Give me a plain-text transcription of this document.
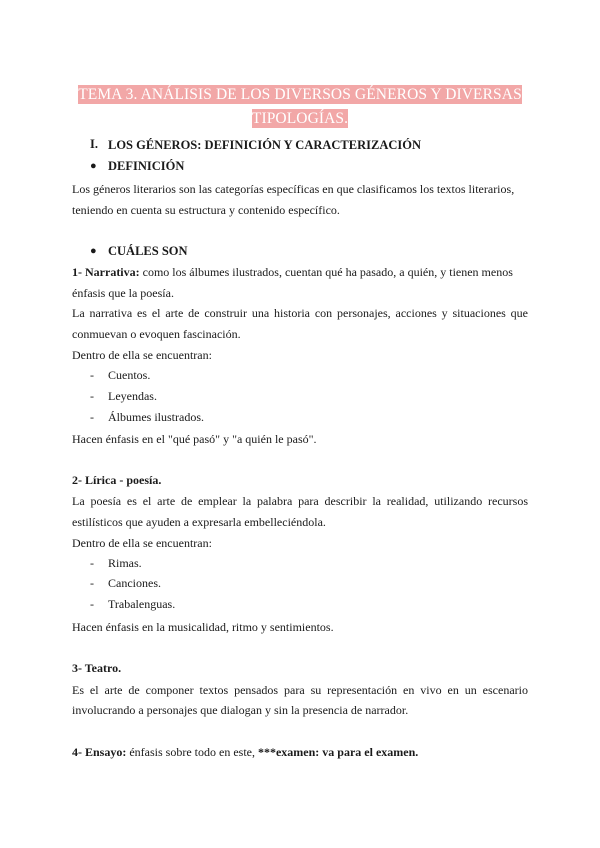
TEMA 3. ANÁLISIS DE LOS DIVERSOS GÉNEROS Y DIVERSAS
TIPOLOGÍAS.
I. LOS GÉNEROS: DEFINICIÓN Y CARACTERIZACIÓN
● DEFINICIÓN
Los géneros literarios son las categorías específicas en que clasificamos los textos literarios,
teniendo en cuenta su estructura y contenido específico.
● CUÁLES SON
1- Narrativa: como los álbumes ilustrados, cuentan qué ha pasado, a quién, y tienen menos
énfasis que la poesía.
La narrativa es el arte de construir una historia con personajes, acciones y situaciones que
conmuevan o evoquen fascinación.
Dentro de ella se encuentran:
- Cuentos.
- Leyendas.
- Álbumes ilustrados.
Hacen énfasis en el "qué pasó" y "a quién le pasó".
2- Lírica - poesía.
La poesía es el arte de emplear la palabra para describir la realidad, utilizando recursos
estilísticos que ayuden a expresarla embelleciéndola.
Dentro de ella se encuentran:
- Rimas.
- Canciones.
- Trabalenguas.
Hacen énfasis en la musicalidad, ritmo y sentimientos.
3- Teatro.
Es el arte de componer textos pensados para su representación en vivo en un escenario
involucrando a personajes que dialogan y sin la presencia de narrador.
4- Ensayo: énfasis sobre todo en este, ***examen: va para el examen.
